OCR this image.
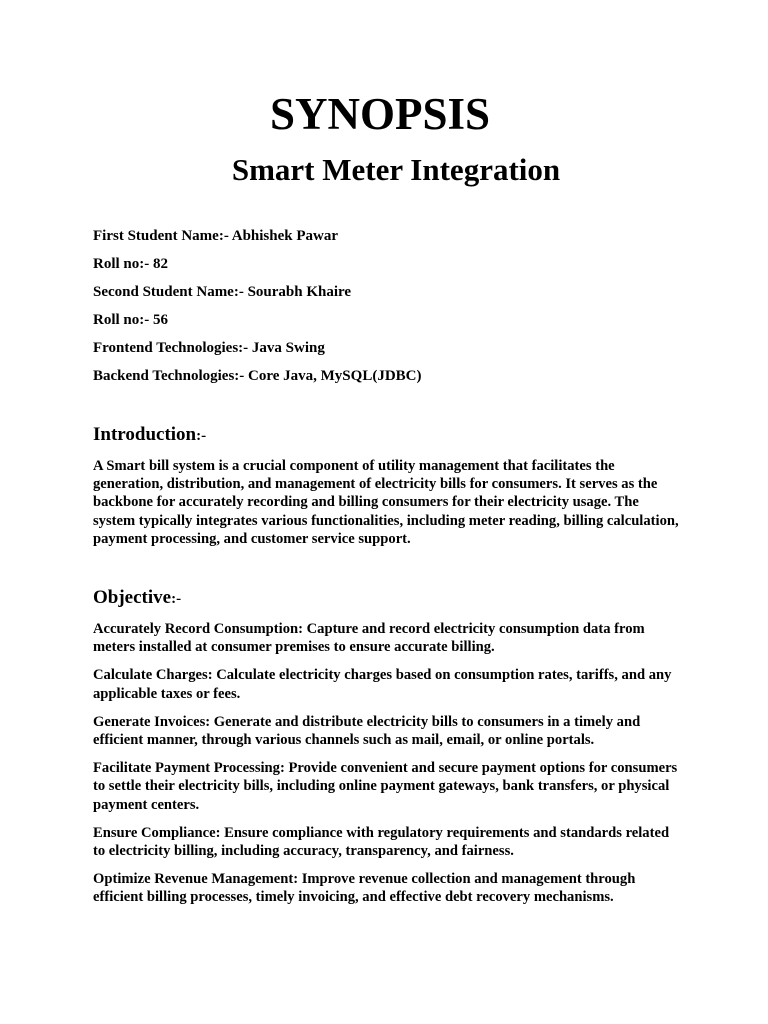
SYNOPSIS
Smart Meter Integration

First Student Name:- Abhishek Pawar

Roll no:- 82

Second Student Name:- Sourabh Khaire

Roll no:- 56

Frontend Technologies:- Java Swing

Backend Technologies:- Core Java, MySQL(JDBC)

Introduction:-

A Smart bill system is a crucial component of utility management that facilitates the generation, distribution, and management of electricity bills for consumers. It serves as the backbone for accurately recording and billing consumers for their electricity usage. The system typically integrates various functionalities, including meter reading, billing calculation, payment processing, and customer service support.

Objective:-

Accurately Record Consumption: Capture and record electricity consumption data from meters installed at consumer premises to ensure accurate billing.

Calculate Charges: Calculate electricity charges based on consumption rates, tariffs, and any applicable taxes or fees.

Generate Invoices: Generate and distribute electricity bills to consumers in a timely and efficient manner, through various channels such as mail, email, or online portals.

Facilitate Payment Processing: Provide convenient and secure payment options for consumers to settle their electricity bills, including online payment gateways, bank transfers, or physical payment centers.

Ensure Compliance: Ensure compliance with regulatory requirements and standards related to electricity billing, including accuracy, transparency, and fairness.

Optimize Revenue Management: Improve revenue collection and management through efficient billing processes, timely invoicing, and effective debt recovery mechanisms.
